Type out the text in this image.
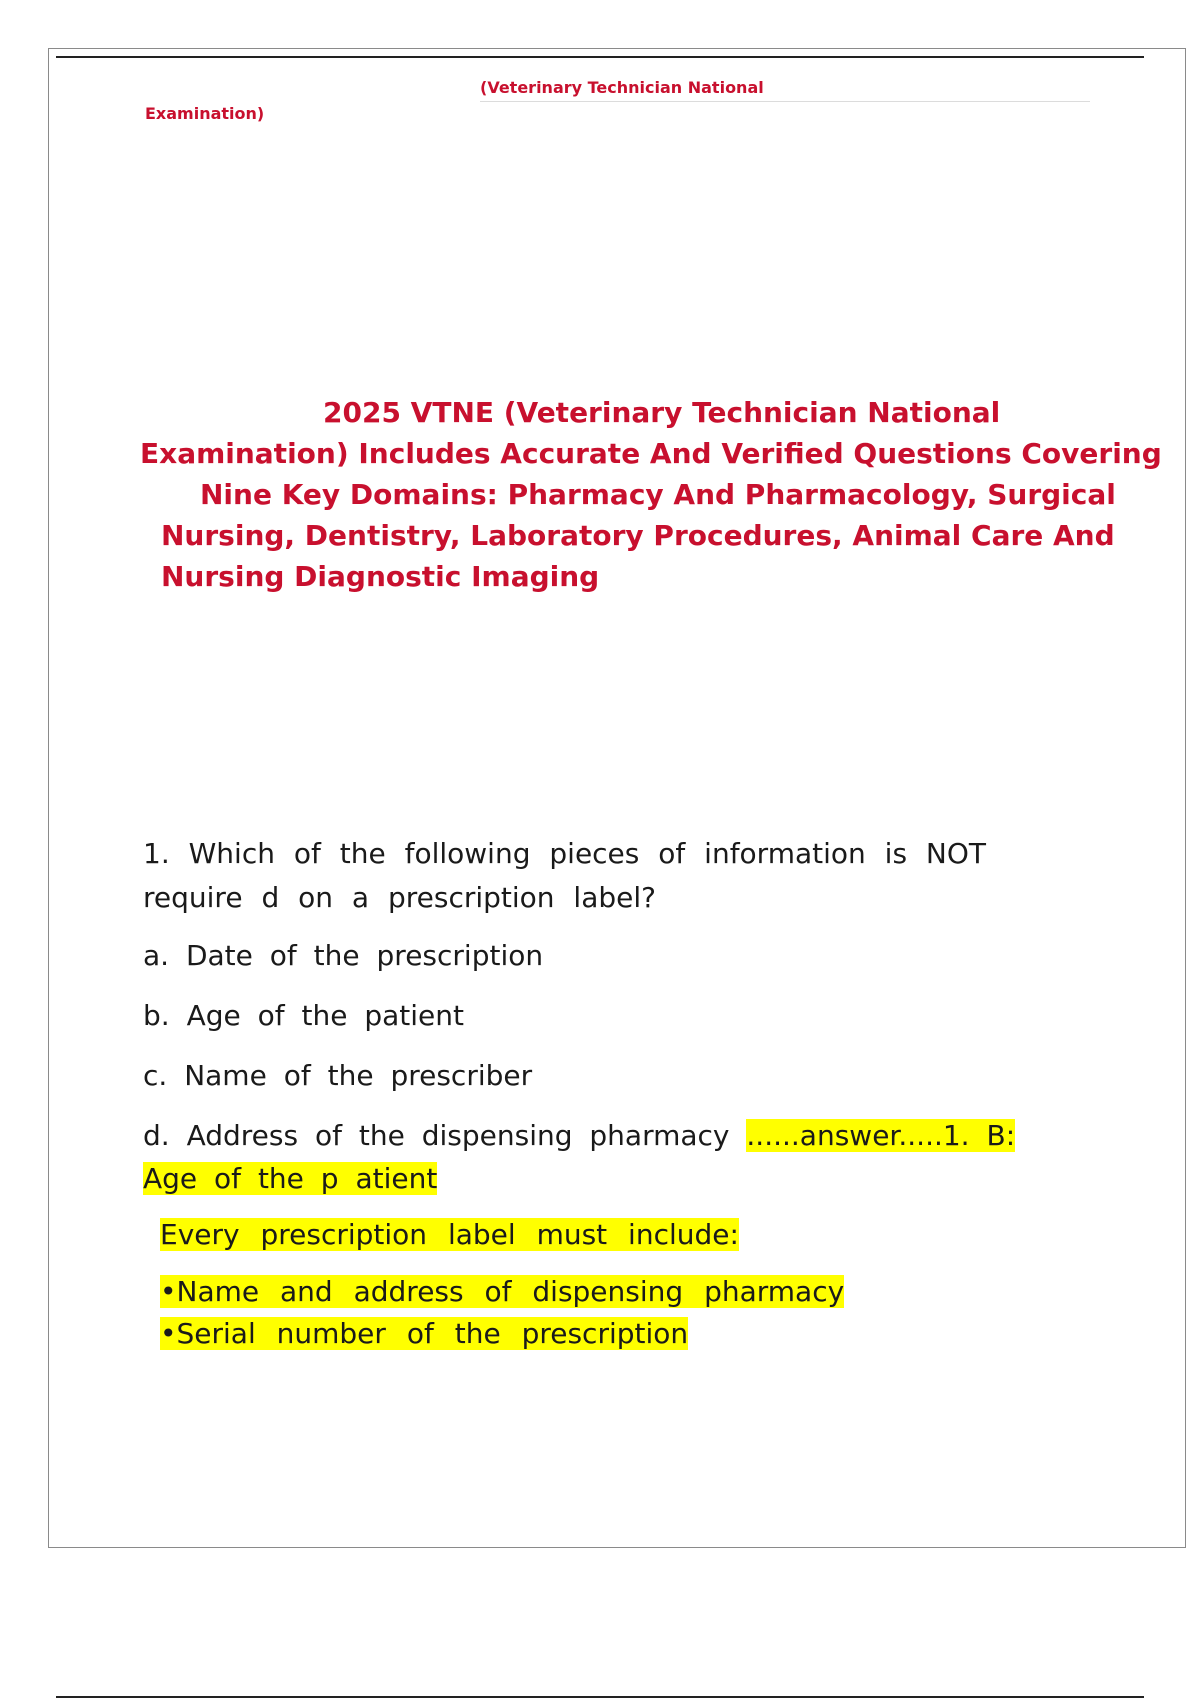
(Veterinary Technician National
Examination)
2025 VTNE (Veterinary Technician National
Examination) Includes Accurate And Verified Questions Covering
Nine Key Domains: Pharmacy And Pharmacology, Surgical
Nursing, Dentistry, Laboratory Procedures, Animal Care And
Nursing Diagnostic Imaging

1. Which of the following pieces of information is NOT require d on a prescription label?

a. Date of the prescription

b. Age of the patient

c. Name of the prescriber

d. Address of the dispensing pharmacy ......answer.....1. B: Age of the p atient

Every prescription label must include:

•Name and address of dispensing pharmacy

•Serial number of the prescription
